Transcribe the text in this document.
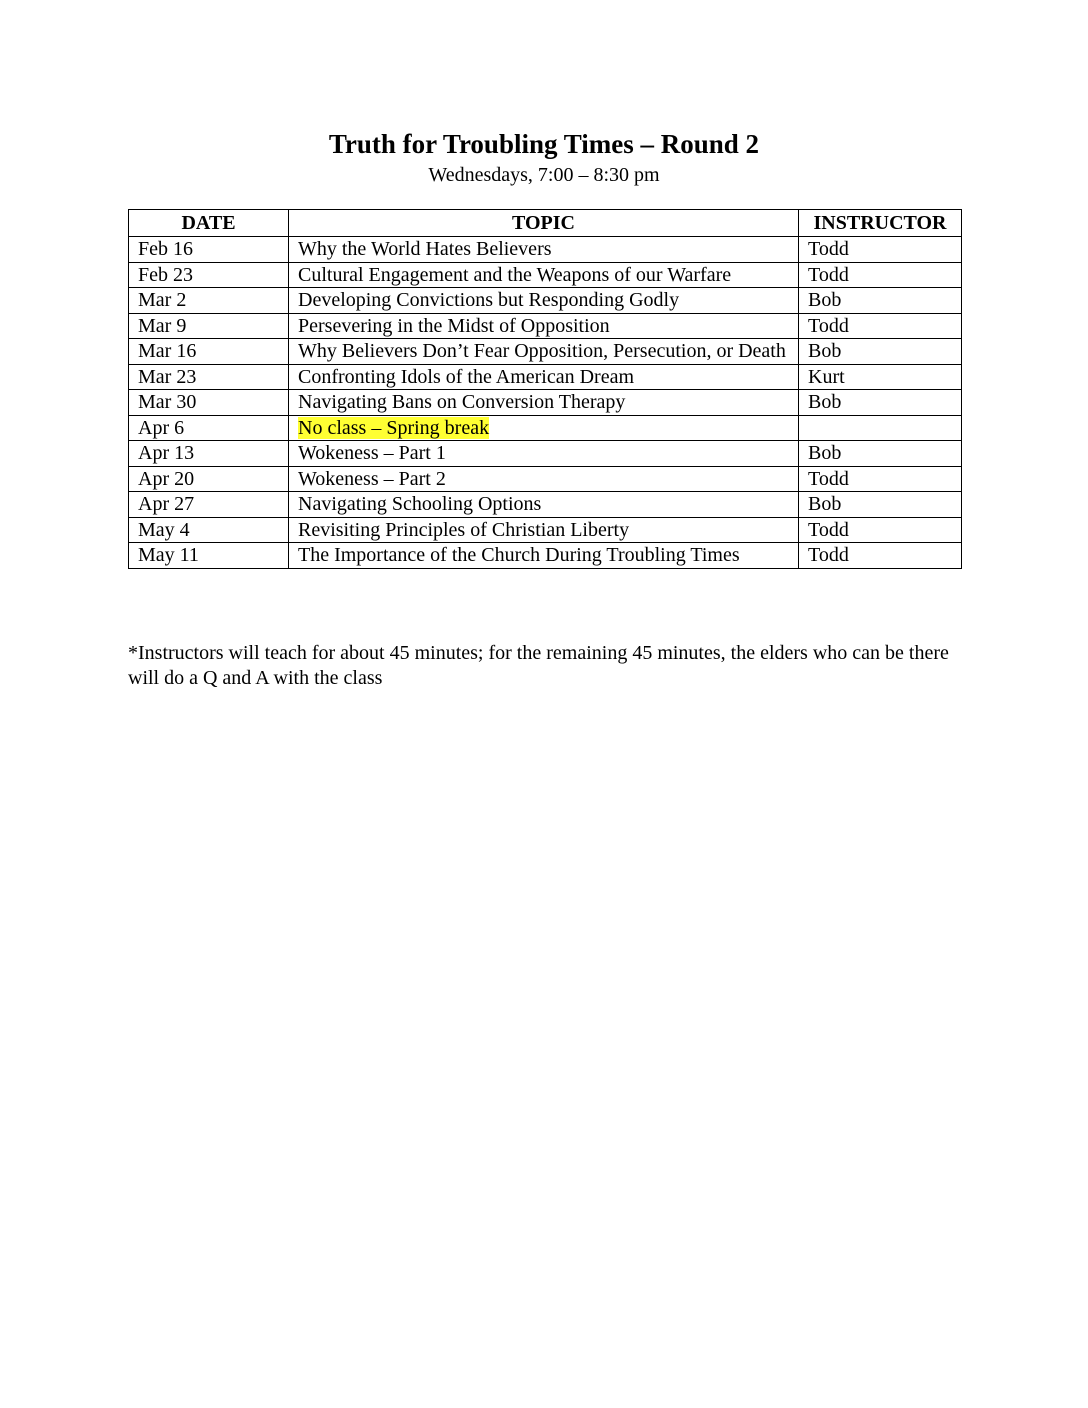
Truth for Troubling Times – Round 2

Wednesdays, 7:00 – 8:30 pm

DATE	TOPIC	INSTRUCTOR
Feb 16	Why the World Hates Believers	Todd
Feb 23	Cultural Engagement and the Weapons of our Warfare	Todd
Mar 2	Developing Convictions but Responding Godly	Bob
Mar 9	Persevering in the Midst of Opposition	Todd
Mar 16	Why Believers Don’t Fear Opposition, Persecution, or Death	Bob
Mar 23	Confronting Idols of the American Dream	Kurt
Mar 30	Navigating Bans on Conversion Therapy	Bob
Apr 6	No class – Spring break	
Apr 13	Wokeness – Part 1	Bob
Apr 20	Wokeness – Part 2	Todd
Apr 27	Navigating Schooling Options	Bob
May 4	Revisiting Principles of Christian Liberty	Todd
May 11	The Importance of the Church During Troubling Times	Todd

*Instructors will teach for about 45 minutes; for the remaining 45 minutes, the elders who can be there will do a Q and A with the class
